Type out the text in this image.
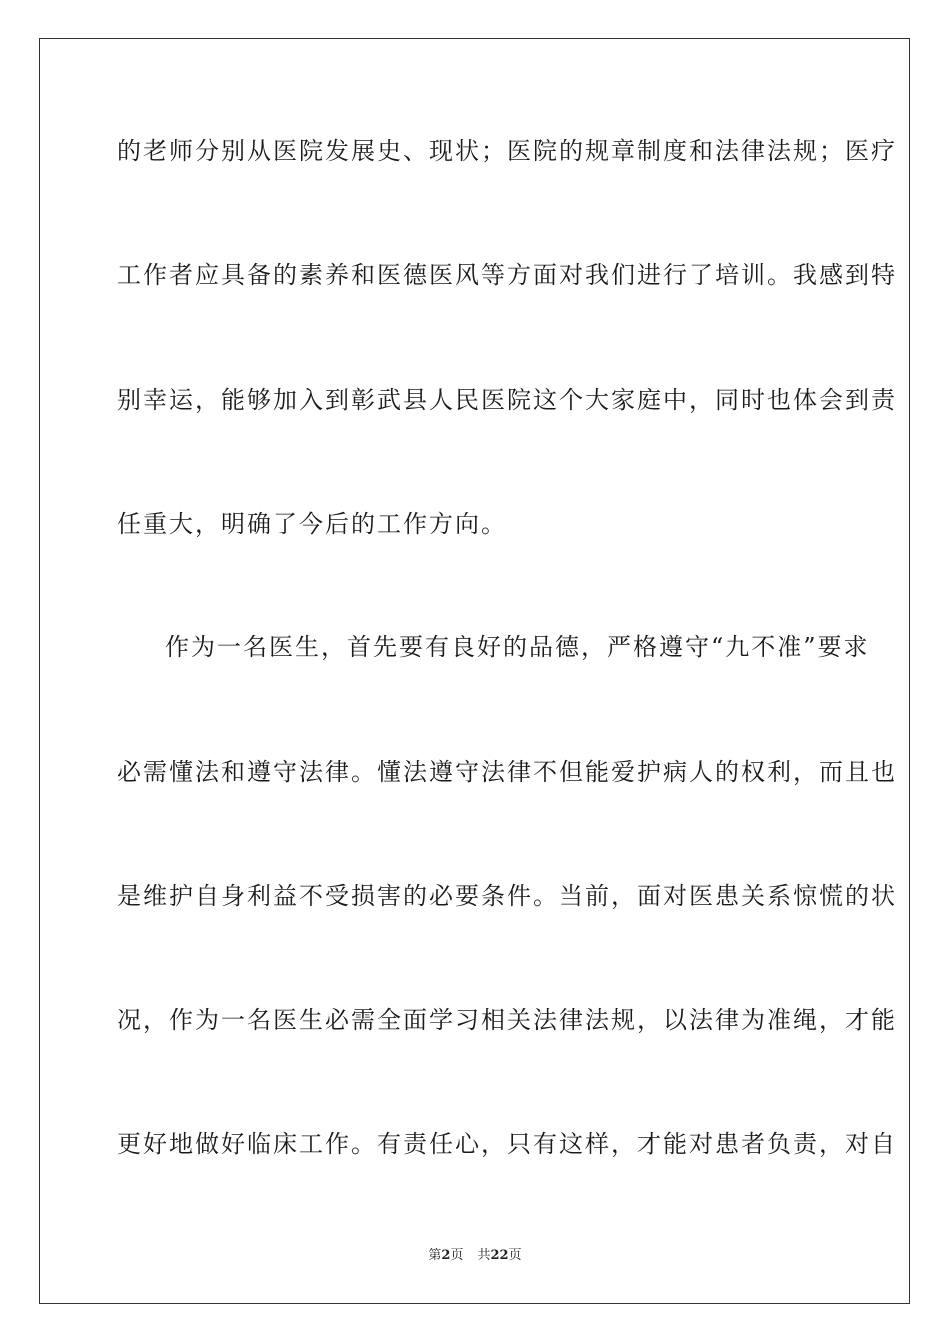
的老师分别从医院发展史、现状；医院的规章制度和法律法规；医疗
工作者应具备的素养和医德医风等方面对我们进行了培训。我感到特
别幸运，能够加入到彰武县人民医院这个大家庭中，同时也体会到责
任重大，明确了今后的工作方向。
作为一名医生，首先要有良好的品德，严格遵守“九不准”要求
必需懂法和遵守法律。懂法遵守法律不但能爱护病人的权利，而且也
是维护自身利益不受损害的必要条件。当前，面对医患关系惊慌的状
况，作为一名医生必需全面学习相关法律法规，以法律为准绳，才能
更好地做好临床工作。有责任心，只有这样，才能对患者负责，对自
第2页 共22页
